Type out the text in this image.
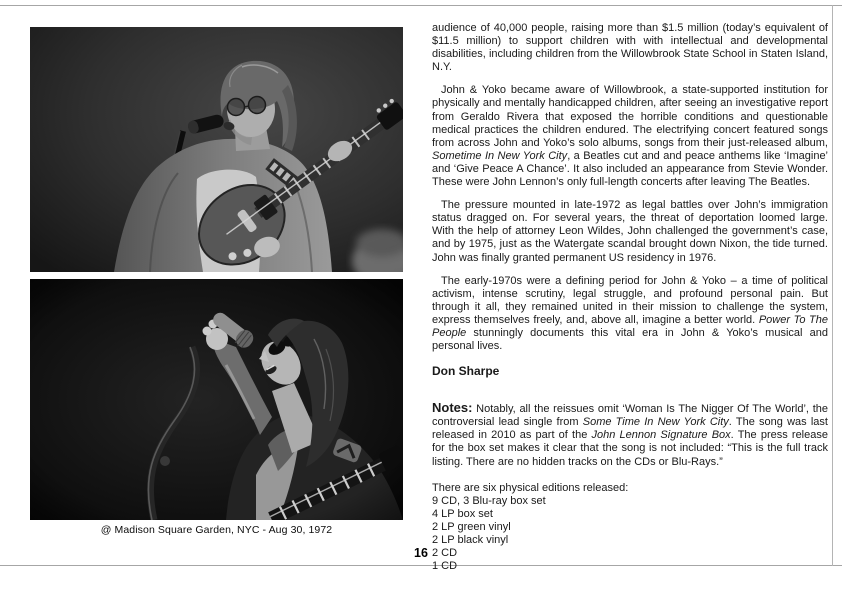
@ Madison Square Garden, NYC - Aug 30, 1972

audience of 40,000 people, raising more than $1.5 million (today’s equivalent of $11.5 million) to support children with with intellectual and developmental disabilities, including children from the Willowbrook State School in Staten Island, N.Y.

John & Yoko became aware of Willowbrook, a state-supported institution for physically and mentally handicapped children, after seeing an investigative report from Geraldo Rivera that exposed the horrible conditions and questionable medical practices the children endured. The electrifying concert featured songs from across John and Yoko’s solo albums, songs from their just-released album, Sometime In New York City, a Beatles cut and and peace anthems like ‘Imagine’ and ‘Give Peace A Chance’. It also included an appearance from Stevie Wonder. These were John Lennon’s only full-length concerts after leaving The Beatles.

The pressure mounted in late-1972 as legal battles over John’s immigration status dragged on. For several years, the threat of deportation loomed large. With the help of attorney Leon Wildes, John challenged the government’s case, and by 1975, just as the Watergate scandal brought down Nixon, the tide turned. John was finally granted permanent US residency in 1976.

The early-1970s were a defining period for John & Yoko – a time of political activism, intense scrutiny, legal struggle, and profound personal pain. But through it all, they remained united in their mission to challenge the system, express themselves freely, and, above all, imagine a better world. Power To The People stunningly documents this vital era in John & Yoko’s musical and personal lives.

Don Sharpe

Notes: Notably, all the reissues omit ‘Woman Is The Nigger Of The World’, the controversial lead single from Some Time In New York City. The song was last released in 2010 as part of the John Lennon Signature Box. The press release for the box set makes it clear that the song is not included: “This is the full track listing. There are no hidden tracks on the CDs or Blu-Rays.”

There are six physical editions released:
9 CD, 3 Blu-ray box set
4 LP box set
2 LP green vinyl
2 LP black vinyl
2 CD
1 CD
16
